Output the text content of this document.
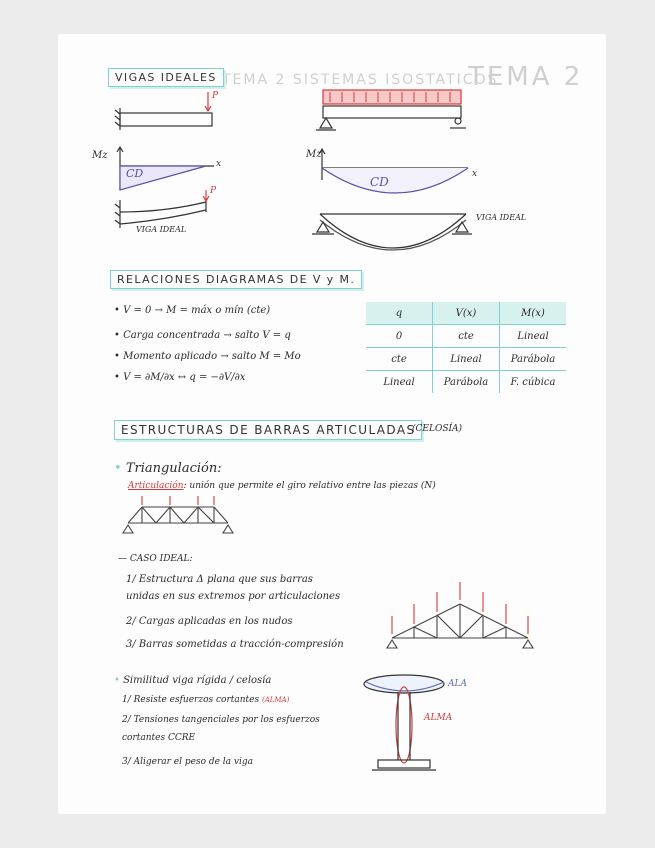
TEMA 2 SISTEMAS ISOSTATICOS
TEMA 2
VIGAS IDEALES
P
Mz
x
CD
Mz
x
CD
P
VIGA IDEAL
VIGA IDEAL
RELACIONES DIAGRAMAS DE V y M.
• V = 0 → M = máx o mín (cte)
• Carga concentrada → salto V = q
• Momento aplicado → salto M = Mo
• V = ∂M/∂x ↔ q = −∂V/∂x
q	V(x)	M(x)
0	cte	Lineal
cte	Lineal	Parábola
Lineal	Parábola	F. cúbica
ESTRUCTURAS DE BARRAS ARTICULADAS
(CELOSÍA)
• Triangulación:
Articulación: unión que permite el giro relativo entre las piezas (N)
— CASO IDEAL:
1/ Estructura Δ plana que sus barras
unidas en sus extremos por articulaciones
2/ Cargas aplicadas en los nudos
3/ Barras sometidas a tracción-compresión
• Similitud viga rígida / celosía
1/ Resiste esfuerzos cortantes (ALMA)
2/ Tensiones tangenciales por los esfuerzos
cortantes CCRE
3/ Aligerar el peso de la viga
ALA
ALMA
